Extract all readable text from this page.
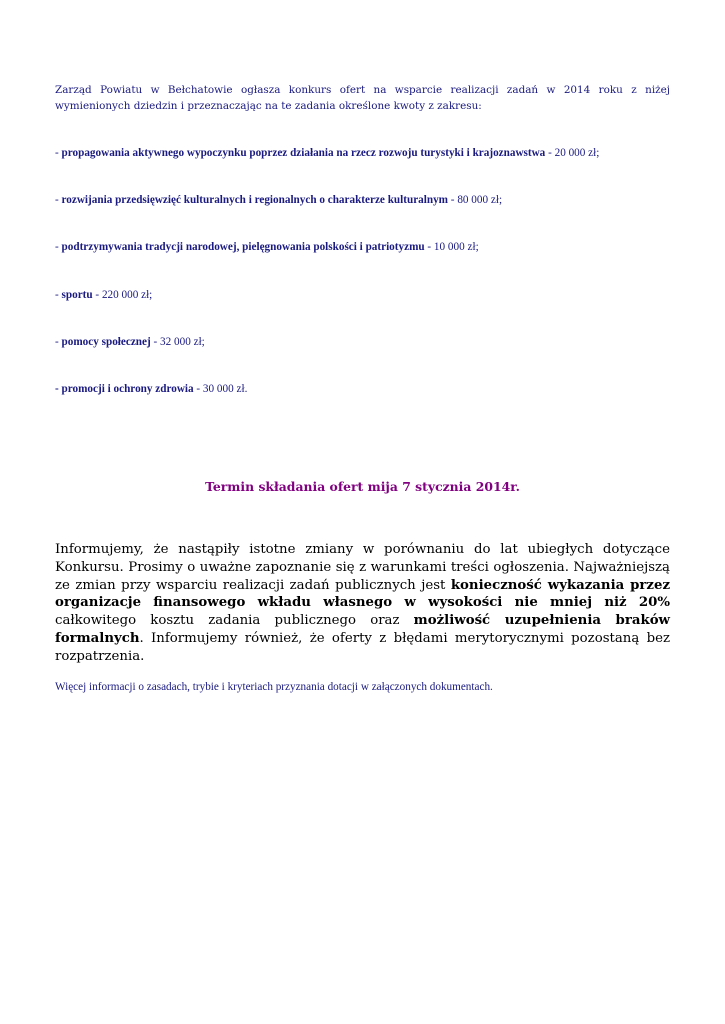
Zarząd Powiatu w Bełchatowie ogłasza konkurs ofert na wsparcie realizacji zadań w 2014 roku z niżej wymienionych dziedzin i przeznaczając na te zadania określone kwoty z zakresu:

- propagowania aktywnego wypoczynku poprzez działania na rzecz rozwoju turystyki i krajoznawstwa - 20 000 zł;

- rozwijania przedsięwzięć kulturalnych i regionalnych o charakterze kulturalnym - 80 000 zł;

- podtrzymywania tradycji narodowej, pielęgnowania polskości i patriotyzmu - 10 000 zł;

- sportu - 220 000 zł;

- pomocy społecznej - 32 000 zł;

- promocji i ochrony zdrowia - 30 000 zł.

Termin składania ofert mija 7 stycznia 2014r.

Informujemy, że nastąpiły istotne zmiany w porównaniu do lat ubiegłych dotyczące Konkursu. Prosimy o uważne zapoznanie się z warunkami treści ogłoszenia. Najważniejszą ze zmian przy wsparciu realizacji zadań publicznych jest konieczność wykazania przez organizacje finansowego wkładu własnego w wysokości nie mniej niż 20% całkowitego kosztu zadania publicznego oraz możliwość uzupełnienia braków formalnych. Informujemy również, że oferty z błędami merytorycznymi pozostaną bez rozpatrzenia.

Więcej informacji o zasadach, trybie i kryteriach przyznania dotacji w załączonych dokumentach.
